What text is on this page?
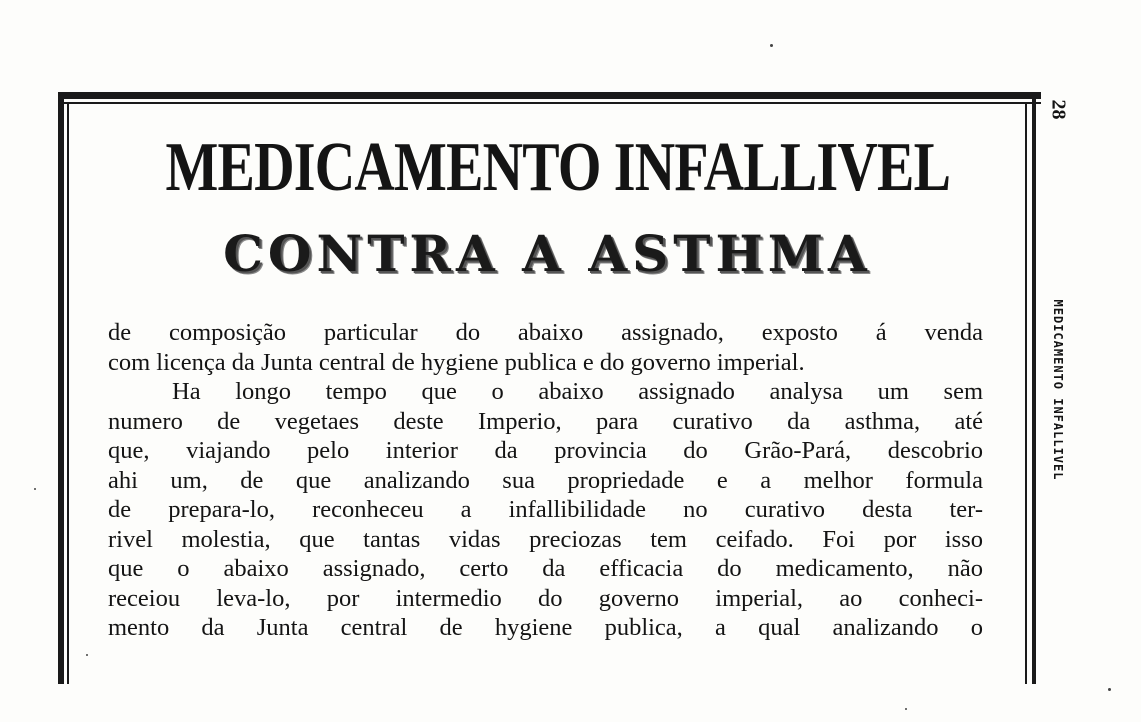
MEDICAMENTO INFALLIVEL
CONTRA A ASTHMA
de composição particular do abaixo assignado, exposto á venda
com licença da Junta central de hygiene publica e do governo imperial.
Ha longo tempo que o abaixo assignado analysa um sem
numero de vegetaes deste Imperio, para curativo da asthma, até
que, viajando pelo interior da provincia do Grão-Pará, descobrio
ahi um, de que analizando sua propriedade e a melhor formula
de prepara-lo, reconheceu a infallibilidade no curativo desta ter-
rivel molestia, que tantas vidas preciozas tem ceifado. Foi por isso
que o abaixo assignado, certo da efficacia do medicamento, não
receiou leva-lo, por intermedio do governo imperial, ao conheci-
mento da Junta central de hygiene publica, a qual analizando o
28
MEDICAMENTO INFALLIVEL
